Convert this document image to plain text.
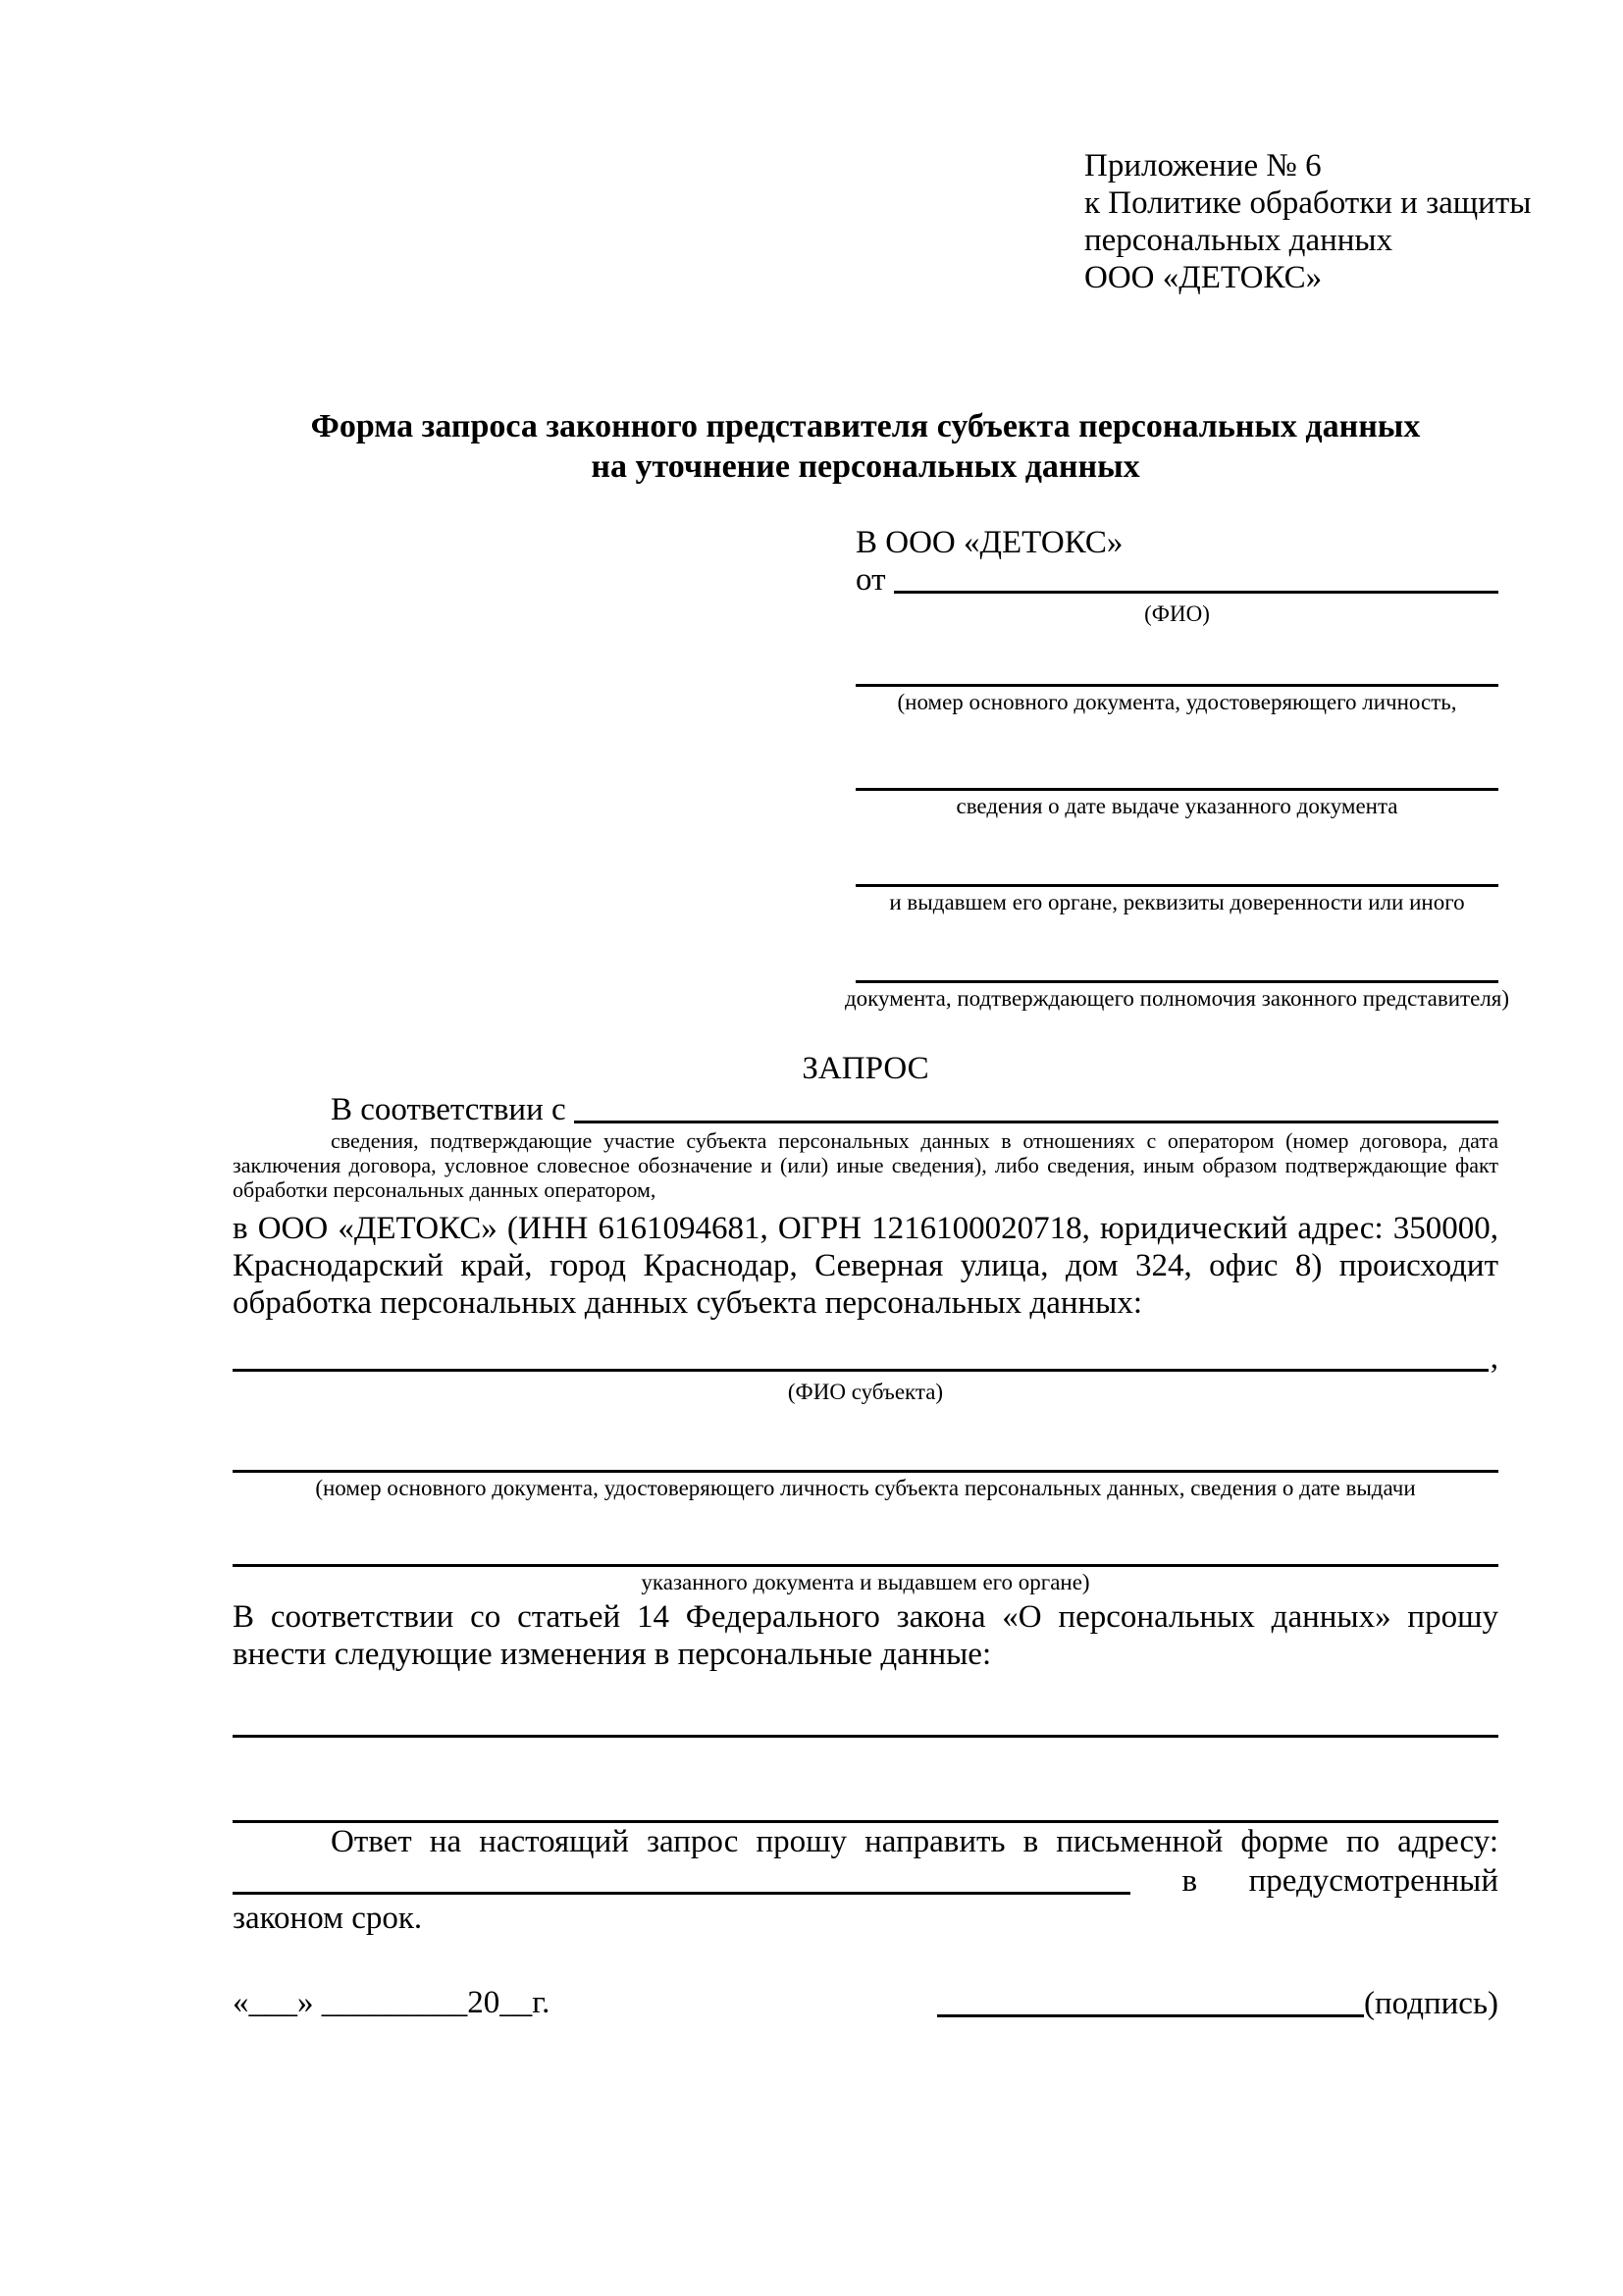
Приложение № 6
к Политике обработки и защиты
персональных данных
ООО «ДЕТОКС»
Форма запроса законного представителя субъекта персональных данных
на уточнение персональных данных
В ООО «ДЕТОКС»
от
(ФИО)
(номер основного документа, удостоверяющего личность,
сведения о дате выдаче указанного документа
и выдавшем его органе, реквизиты доверенности или иного
документа, подтверждающего полномочия законного представителя)
ЗАПРОС
В соответствии с
сведения, подтверждающие участие субъекта персональных данных в отношениях с оператором (номер договора, дата заключения договора, условное словесное обозначение и (или) иные сведения), либо сведения, иным образом подтверждающие факт обработки персональных данных оператором,
в ООО «ДЕТОКС» (ИНН 6161094681, ОГРН 1216100020718, юридический адрес: 350000, Краснодарский край, город Краснодар, Северная улица, дом 324, офис 8) происходит обработка персональных данных субъекта персональных данных:
,
(ФИО субъекта)
(номер основного документа, удостоверяющего личность субъекта персональных данных, сведения о дате выдачи
указанного документа и выдавшем его органе)
В соответствии со статьей 14 Федерального закона «О персональных данных» прошу внести следующие изменения в персональные данные:
Ответ на настоящий запрос прошу направить в письменной форме по адресу:
в предусмотренный
законом срок.
«___» _________20__г.	(подпись)
